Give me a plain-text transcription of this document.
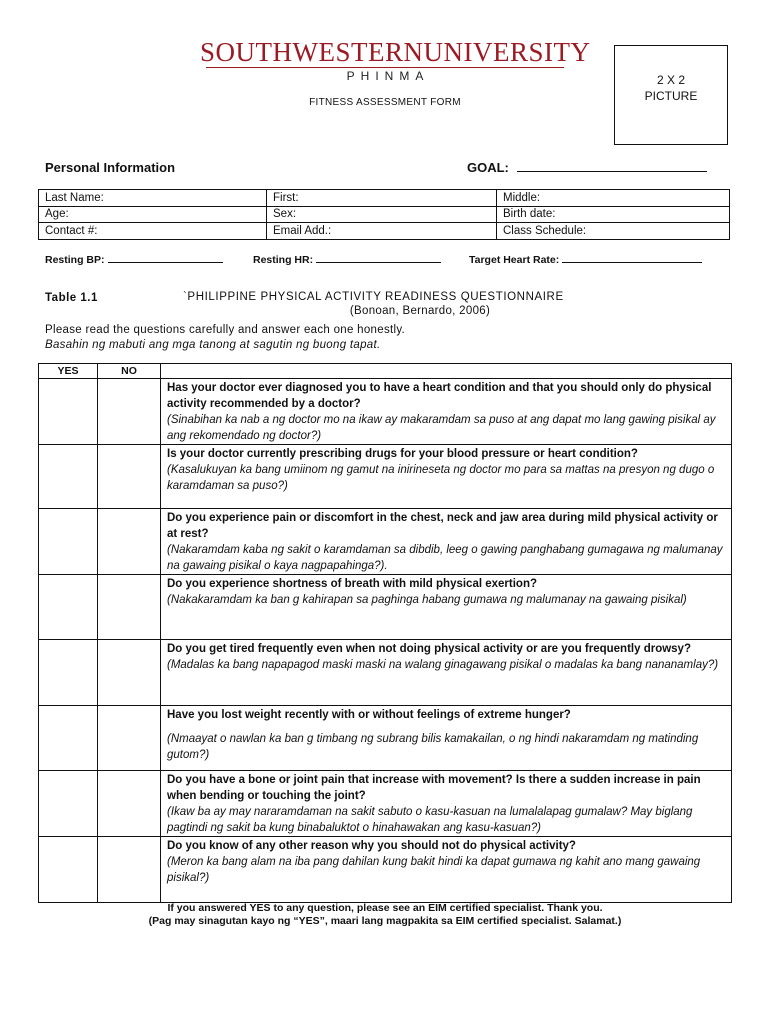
SOUTHWESTERNUNIVERSITY
PHINMA
FITNESS ASSESSMENT FORM
2 X 2
PICTURE
Personal Information	GOAL:
Last Name:	First:	Middle:
Age:	Sex:	Birth date:
Contact #:	Email Add.:	Class Schedule:
Resting BP:	Resting HR:	Target Heart Rate:
Table 1.1	`PHILIPPINE PHYSICAL ACTIVITY READINESS QUESTIONNAIRE
(Bonoan, Bernardo, 2006)
Please read the questions carefully and answer each one honestly.
Basahin ng mabuti ang mga tanong at sagutin ng buong tapat.
YES	NO	

		Has your doctor ever diagnosed you to have a heart condition and that you should only do physical activity recommended by a doctor?
(Sinabihan ka nab a ng doctor mo na ikaw ay makaramdam sa puso at ang dapat mo lang gawing pisikal ay ang rekomendado ng doctor?)

		Is your doctor currently prescribing drugs for your blood pressure or heart condition?
(Kasalukuyan ka bang umiinom ng gamut na inirineseta ng doctor mo para sa mattas na presyon ng dugo o karamdaman sa puso?)

		Do you experience pain or discomfort in the chest, neck and jaw area during mild physical activity or at rest?
(Nakaramdam kaba ng sakit o karamdaman sa dibdib, leeg o gawing panghabang gumagawa ng malumanay na gawaing pisikal o kaya nagpapahinga?).

		Do you experience shortness of breath with mild physical exertion?
(Nakakaramdam ka ban g kahirapan sa paghinga habang gumawa ng malumanay na gawaing pisikal)

		Do you get tired frequently even when not doing physical activity or are you frequently drowsy?
(Madalas ka bang napapagod maski maski na walang ginagawang pisikal o madalas ka bang nananamlay?)

		Have you lost weight recently with or without feelings of extreme hunger?
(Nmaayat o nawlan ka ban g timbang ng subrang bilis kamakailan, o ng hindi nakaramdam ng matinding gutom?)

		Do you have a bone or joint pain that increase with movement? Is there a sudden increase in pain when bending or touching the joint?
(Ikaw ba ay may nararamdaman na sakit sabuto o kasu-kasuan na lumalalapag gumalaw? May biglang pagtindi ng sakit ba kung binabaluktot o hinahawakan ang kasu-kasuan?)

		Do you know of any other reason why you should not do physical activity?
(Meron ka bang alam na iba pang dahilan kung bakit hindi ka dapat gumawa ng kahit ano mang gawaing pisikal?)
If you answered YES to any question, please see an EIM certified specialist. Thank you.
(Pag may sinagutan kayo ng “YES”, maari lang magpakita sa EIM certified specialist. Salamat.)
